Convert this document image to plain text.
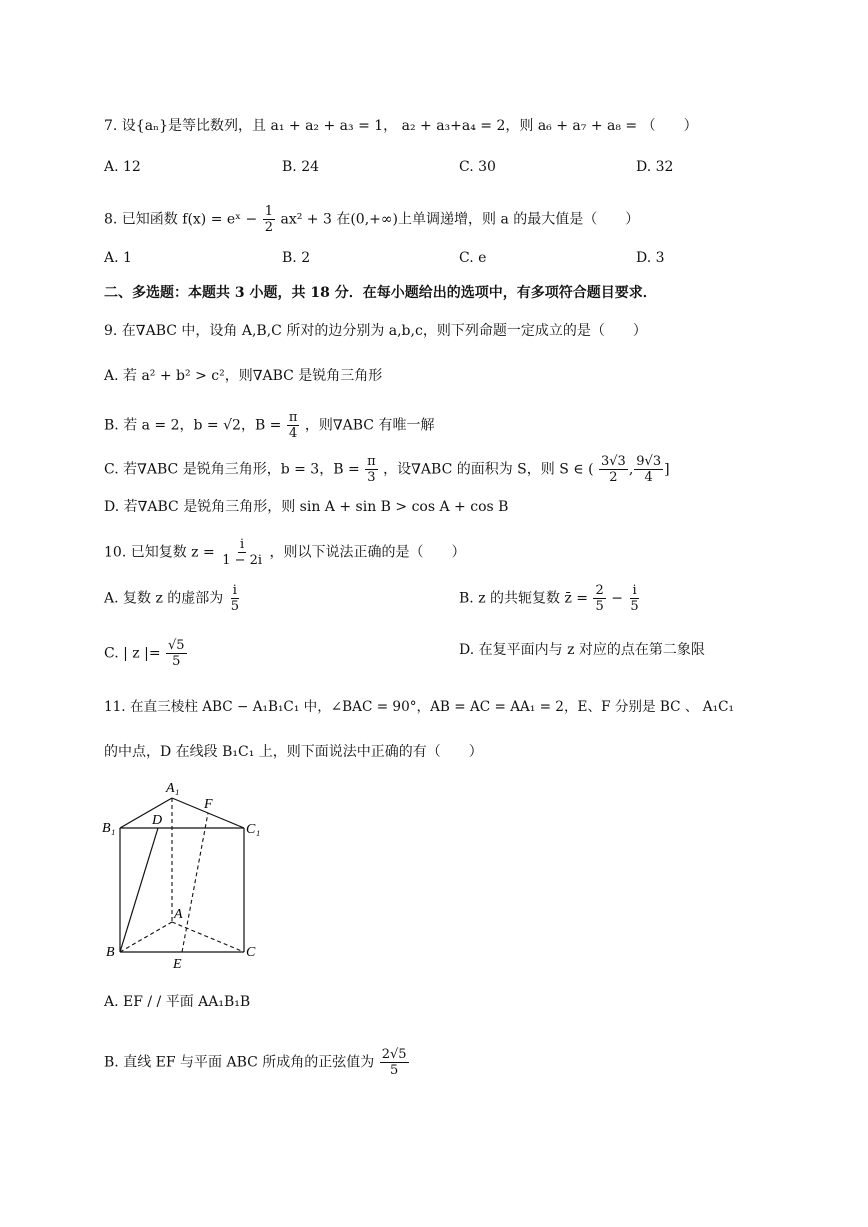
7. 设{aₙ}是等比数列，且 a₁ + a₂ + a₃ = 1， a₂ + a₃+a₄ = 2，则 a₆ + a₇ + a₈ = （　　）
A. 12	B. 24	C. 30	D. 32
8. 已知函数 f(x) = eˣ − $\frac{1}{2} ax^2 + 3$ 在(0,+∞)上单调递增，则 a 的最大值是（　　）
A. 1	B. 2	C. e	D. 3
二、多选题：本题共 3 小题，共 18 分．在每小题给出的选项中，有多项符合题目要求．
9. 在∇ABC 中，设角 A,B,C 所对的边分别为 a,b,c，则下列命题一定成立的是（　　）
A. 若 a² + b² > c²，则∇ABC 是锐角三角形
B. 若 a = 2，b = √2，$B = \frac{\pi}{4}$ ，则∇ABC 有唯一解
C. 若∇ABC 是锐角三角形，b = 3，$B = \frac{\pi}{3}$ ，设∇ABC 的面积为 S，则 S ∈ ( $\frac{3√3}{2}$ , $\frac{9√3}{4}$ ]
D. 若∇ABC 是锐角三角形，则 sin A + sin B > cos A + cos B
10. 已知复数 $z = \frac{i}{1 - 2i}$ ，则以下说法正确的是（　　）
A. 复数 z 的虚部为 $\frac{i}{5}$	B. z 的共轭复数 z̄ = $\frac{2}{5} - \frac{i}{5}$
C. | z |= $\frac{√5}{5}$	D. 在复平面内与 z 对应的点在第二象限
11. 在直三棱柱 ABC − A₁B₁C₁ 中，∠BAC = 90°，AB = AC = AA₁ = 2，E、F 分别是 BC 、 A₁C₁
的中点，D 在线段 B₁C₁ 上，则下面说法中正确的有（　　）
A₁
F
D
B₁	C₁
A
B	C
E
A. EF / / 平面 AA₁B₁B
B. 直线 EF 与平面 ABC 所成角的正弦值为 $\frac{2√5}{5}$
